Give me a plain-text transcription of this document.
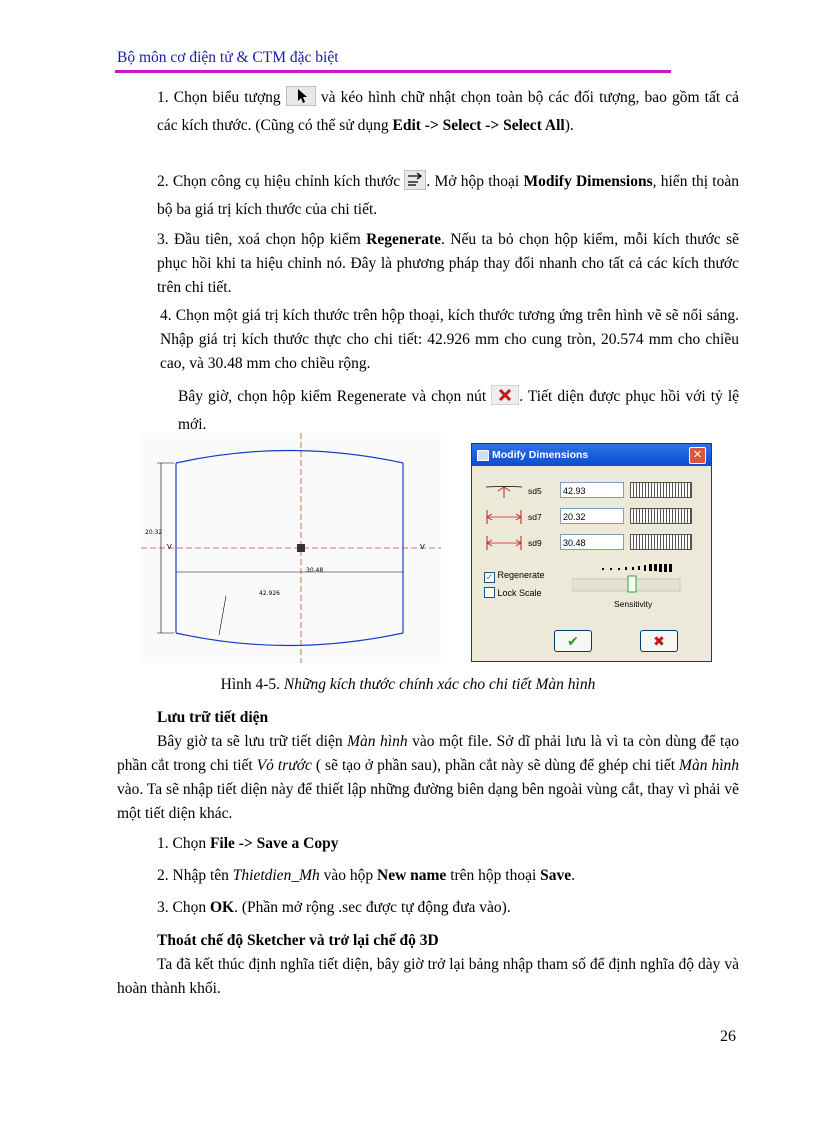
Bộ môn cơ điện tử & CTM đặc biệt
1. Chọn biểu tượng	và kéo hình chữ nhật chọn toàn bộ các đối tượng, bao gồm tất cả các kích thước. (Cũng có thể sử dụng Edit -> Select -> Select All).
2. Chọn công cụ hiệu chỉnh kích thước . Mở hộp thoại Modify Dimensions, hiển thị toàn bộ ba giá trị kích thước của chi tiết.
3. Đầu tiên, xoá chọn hộp kiểm Regenerate. Nếu ta bỏ chọn hộp kiểm, mỗi kích thước sẽ phục hồi khi ta hiệu chỉnh nó. Đây là phương pháp thay đổi nhanh cho tất cả các kích thước trên chi tiết.
4. Chọn một giá trị kích thước trên hộp thoại, kích thước tương ứng trên hình vẽ sẽ nổi sáng. Nhập giá trị kích thước thực cho chi tiết: 42.926 mm cho cung tròn, 20.574 mm cho chiều cao, và 30.48 mm cho chiều rộng.
Bây giờ, chọn hộp kiểm Regenerate và chọn nút . Tiết diện được phục hồi với tỷ lệ mới.
20.32
30.48
42.926
V	V
Modify Dimensions	✕
sd5	42.93
sd7	20.32
sd9	30.48
✓ Regenerate
Lock Scale
Sensitivity
✔	✖
Hình 4-5. Những kích thước chính xác cho chi tiết Màn hình
Lưu trữ tiết diện
Bây giờ ta sẽ lưu trữ tiết diện Màn hình vào một file. Sở dĩ phải lưu là vì ta còn dùng để tạo phần cắt trong chi tiết Vỏ trước ( sẽ tạo ở phần sau), phần cắt này sẽ dùng để ghép chi tiết Màn hình vào. Ta sẽ nhập tiết diện này để thiết lập những đường biên dạng bên ngoài vùng cắt, thay vì phải vẽ một tiết diện khác.
1. Chọn File -> Save a Copy
2. Nhập tên Thietdien_Mh vào hộp New name trên hộp thoại Save.
3. Chọn OK. (Phần mở rộng .sec được tự động đưa vào).
Thoát chế độ Sketcher và trở lại chế độ 3D
Ta đã kết thúc định nghĩa tiết diện, bây giờ trở lại bảng nhập tham số để định nghĩa độ dày và hoàn thành khối.
26
